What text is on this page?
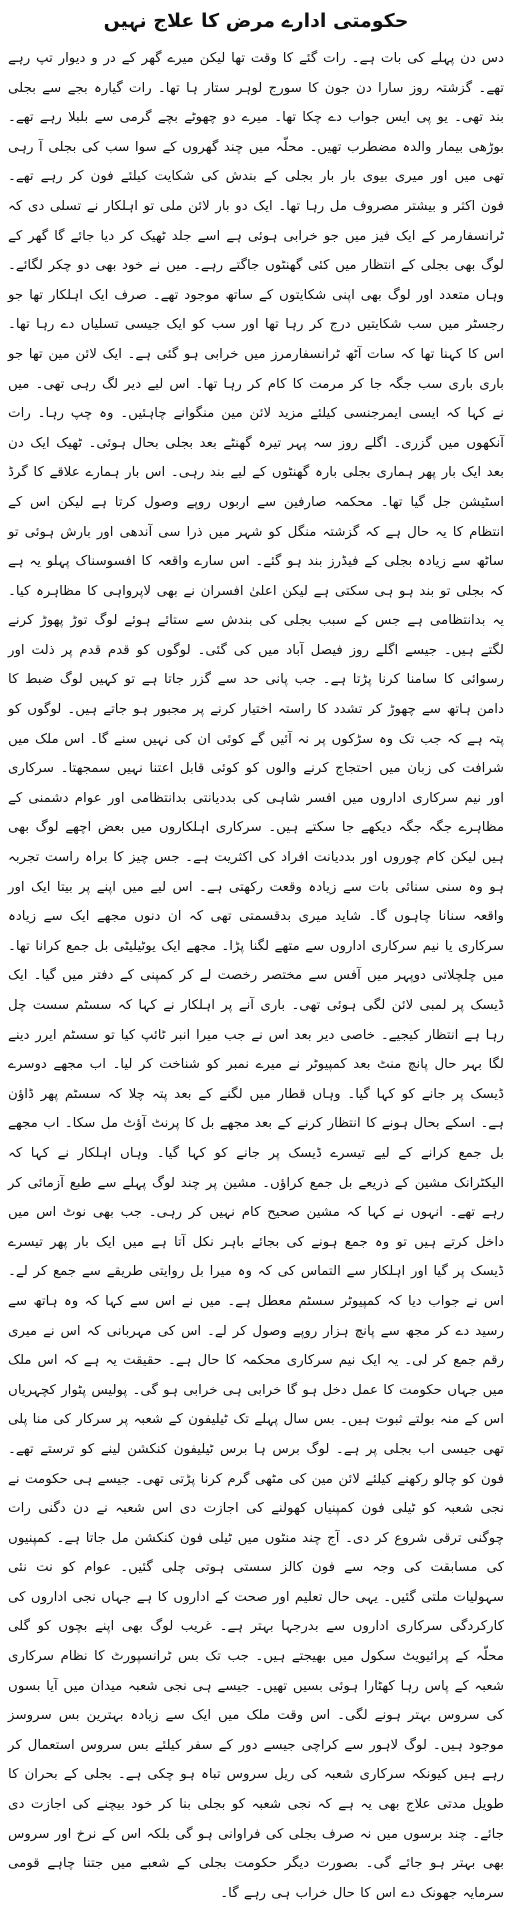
حکومتی ادارے مرض کا علاج نہیں

دس دن پہلے کی بات ہے۔ رات گئے کا وقت تھا لیکن میرے گھر کے در و دیوار تپ رہے تھے۔ گزشتہ روز سارا دن جون کا سورج لوہر ستار ہا تھا۔ رات گیارہ بجے سے بجلی بند تھی۔ یو پی ایس جواب دے چکا تھا۔ میرے دو چھوٹے بچے گرمی سے بلبلا رہے تھے۔ بوڑھی بیمار والدہ مضطرب تھیں۔ محلّہ میں چند گھروں کے سوا سب کی بجلی آ رہی تھی میں اور میری بیوی بار بار بجلی کے بندش کی شکایت کیلئے فون کر رہے تھے۔ فون اکثر و بیشتر مصروف مل رہا تھا۔ ایک دو بار لائن ملی تو اہلکار نے تسلی دی کہ ٹرانسفارمر کے ایک فیز میں جو خرابی ہوئی ہے اسے جلد ٹھیک کر دیا جائے گا گھر کے لوگ بھی بجلی کے انتظار میں کئی گھنٹوں جاگتے رہے۔ میں نے خود بھی دو چکر لگائے۔ وہاں متعدد اور لوگ بھی اپنی شکایتوں کے ساتھ موجود تھے۔ صرف ایک اہلکار تھا جو رجسٹر میں سب شکایتیں درج کر رہا تھا اور سب کو ایک جیسی تسلیاں دے رہا تھا۔ اس کا کہنا تھا کہ سات آٹھ ٹرانسفارمرز میں خرابی ہو گئی ہے۔ ایک لائن مین تھا جو باری باری سب جگہ جا کر مرمت کا کام کر رہا تھا۔ اس لیے دیر لگ رہی تھی۔ میں نے کہا کہ ایسی ایمرجنسی کیلئے مزید لائن مین منگوانے چاہئیں۔ وہ چپ رہا۔ رات آنکھوں میں گزری۔ اگلے روز سہ پہر تیرہ گھنٹے بعد بجلی بحال ہوئی۔ ٹھیک ایک دن بعد ایک بار پھر ہماری بجلی بارہ گھنٹوں کے لیے بند رہی۔ اس بار ہمارے علاقے کا گرڈ اسٹیشن جل گیا تھا۔ محکمہ صارفین سے اربوں روپے وصول کرتا ہے لیکن اس کے انتظام کا یہ حال ہے کہ گزشتہ منگل کو شہر میں ذرا سی آندھی اور بارش ہوئی تو ساٹھ سے زیادہ بجلی کے فیڈرز بند ہو گئے۔ اس سارے واقعہ کا افسوسناک پہلو یہ ہے کہ بجلی تو بند ہو ہی سکتی ہے لیکن اعلیٰ افسران نے بھی لاپرواہی کا مظاہرہ کیا۔ یہ بدانتظامی ہے جس کے سبب بجلی کی بندش سے ستائے ہوئے لوگ توڑ پھوڑ کرنے لگتے ہیں۔ جیسے اگلے روز فیصل آباد میں کی گئی۔ لوگوں کو قدم قدم پر ذلت اور رسوائی کا سامنا کرنا پڑتا ہے۔ جب پانی حد سے گزر جاتا ہے تو کہیں لوگ ضبط کا دامن ہاتھ سے چھوڑ کر تشدد کا راستہ اختیار کرنے پر مجبور ہو جاتے ہیں۔ لوگوں کو پتہ ہے کہ جب تک وہ سڑکوں پر نہ آئیں گے کوئی ان کی نہیں سنے گا۔ اس ملک میں شرافت کی زبان میں احتجاج کرنے والوں کو کوئی قابل اعتنا نہیں سمجھتا۔ سرکاری اور نیم سرکاری اداروں میں افسر شاہی کی بددیانتی بدانتظامی اور عوام دشمنی کے مظاہرے جگہ جگہ دیکھے جا سکتے ہیں۔ سرکاری اہلکاروں میں بعض اچھے لوگ بھی ہیں لیکن کام چوروں اور بددیانت افراد کی اکثریت ہے۔ جس چیز کا براہ راست تجربہ ہو وہ سنی سنائی بات سے زیادہ وقعت رکھتی ہے۔ اس لیے میں اپنے پر بیتا ایک اور واقعہ سنانا چاہوں گا۔ شاید میری بدقسمتی تھی کہ ان دنوں مجھے ایک سے زیادہ سرکاری یا نیم سرکاری اداروں سے متھے لگنا پڑا۔ مجھے ایک یوٹیلیٹی بل جمع کرانا تھا۔ میں چلچلاتی دوپہر میں آفس سے مختصر رخصت لے کر کمپنی کے دفتر میں گیا۔ ایک ڈیسک پر لمبی لائن لگی ہوئی تھی۔ باری آنے پر اہلکار نے کہا کہ سسٹم سست چل رہا ہے انتظار کیجیے۔ خاصی دیر بعد اس نے جب میرا انبر ٹائپ کیا تو سسٹم ایرر دینے لگا بہر حال پانچ منٹ بعد کمپیوٹر نے میرے نمبر کو شناخت کر لیا۔ اب مجھے دوسرے ڈیسک پر جانے کو کہا گیا۔ وہاں قطار میں لگنے کے بعد پتہ چلا کہ سسٹم پھر ڈاؤن ہے۔ اسکے بحال ہونے کا انتظار کرنے کے بعد مجھے بل کا پرنٹ آؤٹ مل سکا۔ اب مجھے بل جمع کرانے کے لیے تیسرے ڈیسک پر جانے کو کہا گیا۔ وہاں اہلکار نے کہا کہ الیکٹرانک مشین کے ذریعے بل جمع کراؤں۔ مشین پر چند لوگ پہلے سے طبع آزمائی کر رہے تھے۔ انہوں نے کہا کہ مشین صحیح کام نہیں کر رہی۔ جب بھی نوٹ اس میں داخل کرتے ہیں تو وہ جمع ہونے کی بجائے باہر نکل آتا ہے میں ایک بار پھر تیسرے ڈیسک پر گیا اور اہلکار سے التماس کی کہ وہ میرا بل روایتی طریقے سے جمع کر لے۔ اس نے جواب دیا کہ کمپیوٹر سسٹم معطل ہے۔ میں نے اس سے کہا کہ وہ ہاتھ سے رسید دے کر مجھ سے پانچ ہزار روپے وصول کر لے۔ اس کی مہربانی کہ اس نے میری رقم جمع کر لی۔ یہ ایک نیم سرکاری محکمہ کا حال ہے۔ حقیقت یہ ہے کہ اس ملک میں جہاں حکومت کا عمل دخل ہو گا خرابی ہی خرابی ہو گی۔ پولیس پٹوار کچہریاں اس کے منہ بولتے ثبوت ہیں۔ بس سال پہلے تک ٹیلیفون کے شعبہ پر سرکار کی منا پلی تھی جیسی اب بجلی پر ہے۔ لوگ برس ہا برس ٹیلیفون کنکشن لینے کو ترستے تھے۔ فون کو چالو رکھنے کیلئے لائن مین کی مٹھی گرم کرنا پڑتی تھی۔ جیسے ہی حکومت نے نجی شعبہ کو ٹیلی فون کمپنیاں کھولنے کی اجازت دی اس شعبہ نے دن دگنی رات چوگنی ترقی شروع کر دی۔ آج چند منٹوں میں ٹیلی فون کنکشن مل جاتا ہے۔ کمپنیوں کی مسابقت کی وجہ سے فون کالز سستی ہوتی چلی گئیں۔ عوام کو نت نئی سہولیات ملتی گئیں۔ یہی حال تعلیم اور صحت کے اداروں کا ہے جہاں نجی اداروں کی کارکردگی سرکاری اداروں سے بدرجہا بہتر ہے۔ غریب لوگ بھی اپنے بچوں کو گلی محلّہ کے پرائیویٹ سکول میں بھیجتے ہیں۔ جب تک بس ٹرانسپورٹ کا نظام سرکاری شعبہ کے پاس رہا کھٹارا ہوئی بسیں تھیں۔ جیسے ہی نجی شعبہ میدان میں آیا بسوں کی سروس بہتر ہونے لگی۔ اس وقت ملک میں ایک سے زیادہ بہترین بس سروسز موجود ہیں۔ لوگ لاہور سے کراچی جیسے دور کے سفر کیلئے بس سروس استعمال کر رہے ہیں کیونکہ سرکاری شعبہ کی ریل سروس تباہ ہو چکی ہے۔ بجلی کے بحران کا طویل مدتی علاج بھی یہ ہے کہ نجی شعبہ کو بجلی بنا کر خود بیچنے کی اجازت دی جائے۔ چند برسوں میں نہ صرف بجلی کی فراوانی ہو گی بلکہ اس کے نرخ اور سروس بھی بہتر ہو جائے گی۔ بصورت دیگر حکومت بجلی کے شعبے میں جتنا چاہے قومی سرمایہ جھونک دے اس کا حال خراب ہی رہے گا۔
